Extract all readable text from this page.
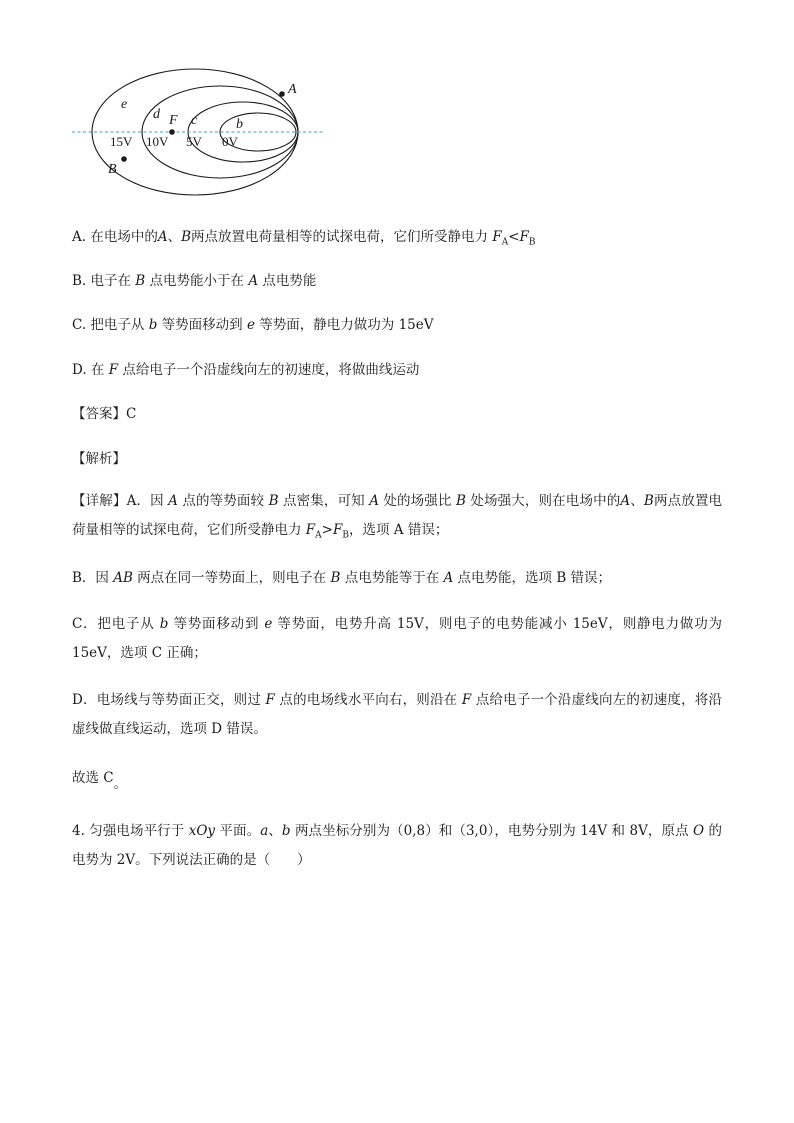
e
d c	b
F
A
B
15V 10V 5V 0V
A. 在电场中的A、B两点放置电荷量相等的试探电荷，它们所受静电力 $F_A<F_B$
B. 电子在 B 点电势能小于在 A 点电势能
C. 把电子从 b 等势面移动到 e 等势面，静电力做功为 15eV
D. 在 F 点给电子一个沿虚线向左的初速度，将做曲线运动
【答案】C
【解析】
【详解】A．因 A 点的等势面较 B 点密集，可知 A 处的场强比 B 处场强大，则在电场中的A、B两点放置电荷量相等的试探电荷，它们所受静电力 $F_A>F_B$，选项 A 错误；
B．因 AB 两点在同一等势面上，则电子在 B 点电势能等于在 A 点电势能，选项 B 错误；
C．把电子从 b 等势面移动到 e 等势面，电势升高 15V，则电子的电势能减小 15eV，则静电力做功为 15eV，选项 C 正确；
D．电场线与等势面正交，则过 F 点的电场线水平向右，则沿在 F 点给电子一个沿虚线向左的初速度，将沿虚线做直线运动，选项 D 错误。
故选 C。
4. 匀强电场平行于 xOy 平面。a、b 两点坐标分别为（0,8）和（3,0），电势分别为 14V 和 8V，原点 O 的电势为 2V。下列说法正确的是（　　）
